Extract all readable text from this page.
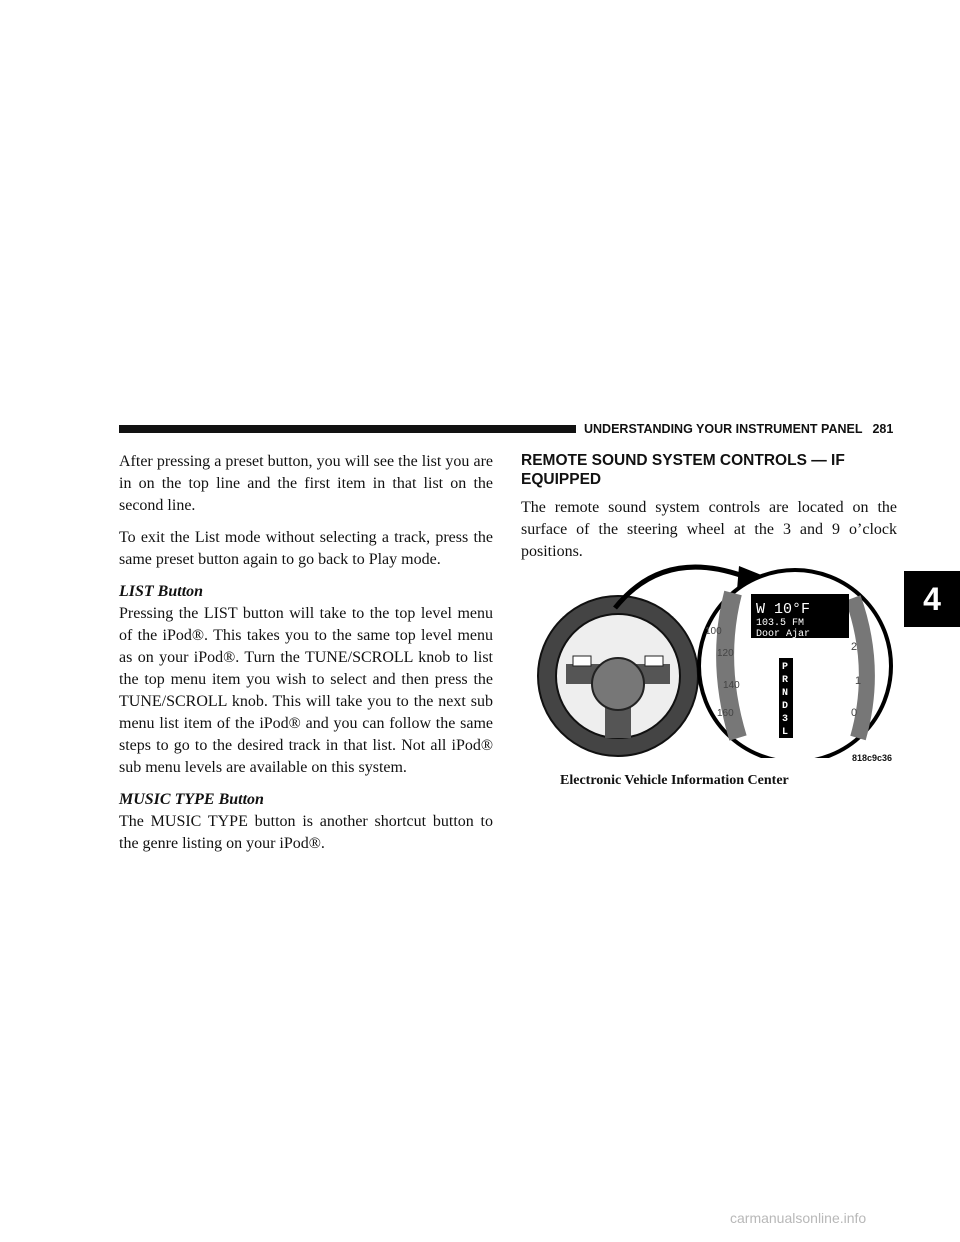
UNDERSTANDING YOUR INSTRUMENT PANEL 281
4

After pressing a preset button, you will see the list you are in on the top line and the first item in that list on the second line.

To exit the List mode without selecting a track, press the same preset button again to go back to Play mode.

LIST Button
Pressing the LIST button will take to the top level menu of the iPod®. This takes you to the same top level menu as on your iPod®. Turn the TUNE/SCROLL knob to list the top menu item you wish to select and then press the TUNE/SCROLL knob. This will take you to the next sub menu list item of the iPod® and you can follow the same steps to go to the desired track in that list. Not all iPod® sub menu levels are available on this system.

MUSIC TYPE Button
The MUSIC TYPE button is another shortcut button to the genre listing on your iPod®.

REMOTE SOUND SYSTEM CONTROLS — IF EQUIPPED

The remote sound system controls are located on the surface of the steering wheel at the 3 and 9 o’clock positions.

W 10°F
103.5 FM
Door Ajar
P
R
N
D
3
L
100
120
140
160
2
1
0
818c9c36
Electronic Vehicle Information Center
carmanualsonline.info
